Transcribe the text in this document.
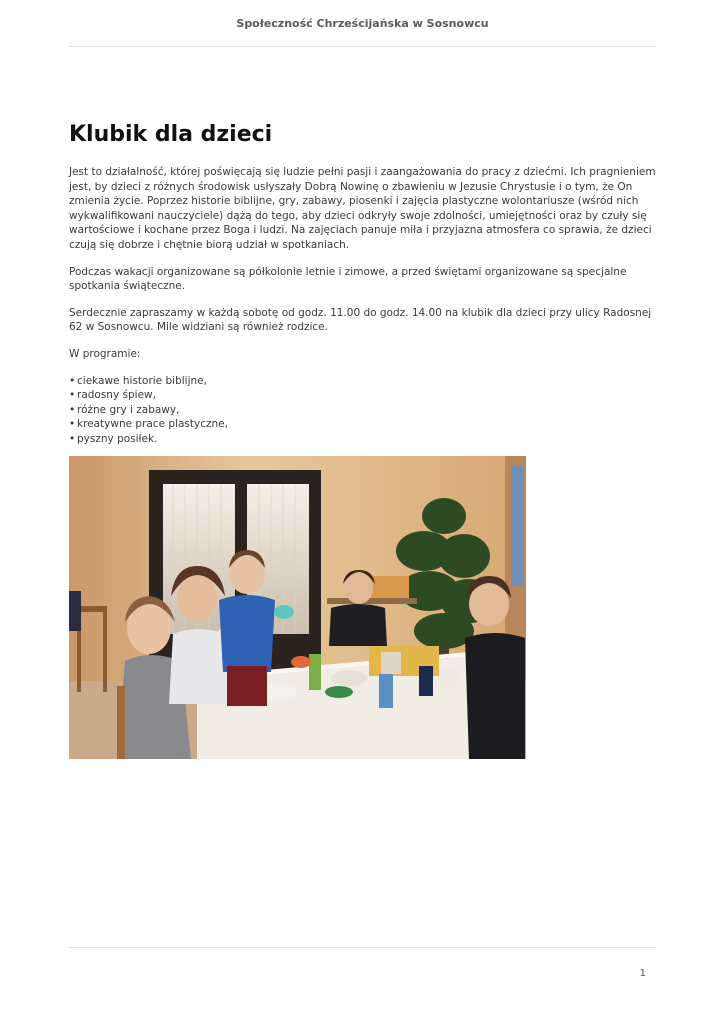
Społeczność Chrześcijańska w Sosnowcu
Klubik dla dzieci

Jest to działalność, której poświęcają się ludzie pełni pasji i zaangażowania do pracy z dziećmi. Ich pragnieniem jest, by dzieci z różnych środowisk usłyszały Dobrą Nowinę o zbawieniu w Jezusie Chrystusie i o tym, że On zmienia życie. Poprzez historie biblijne, gry, zabawy, piosenki i zajęcia plastyczne wolontariusze (wśród nich wykwalifikowani nauczyciele) dążą do tego, aby dzieci odkryły swoje zdolności, umiejętności oraz by czuły się wartościowe i kochane przez Boga i ludzi. Na zajęciach panuje miła i przyjazna atmosfera co sprawia, że dzieci czują się dobrze i chętnie biorą udział w spotkaniach.

Podczas wakacji organizowane są półkolonie letnie i zimowe, a przed świętami organizowane są specjalne spotkania świąteczne.

Serdecznie zapraszamy w każdą sobotę od godz. 11.00 do godz. 14.00 na klubik dla dzieci przy ulicy Radosnej 62 w Sosnowcu. Mile widziani są również rodzice.

W programie:

• ciekawe historie biblijne,
• radosny śpiew,
• różne gry i zabawy,
• kreatywne prace plastyczne,
• pyszny posiłek.
1
